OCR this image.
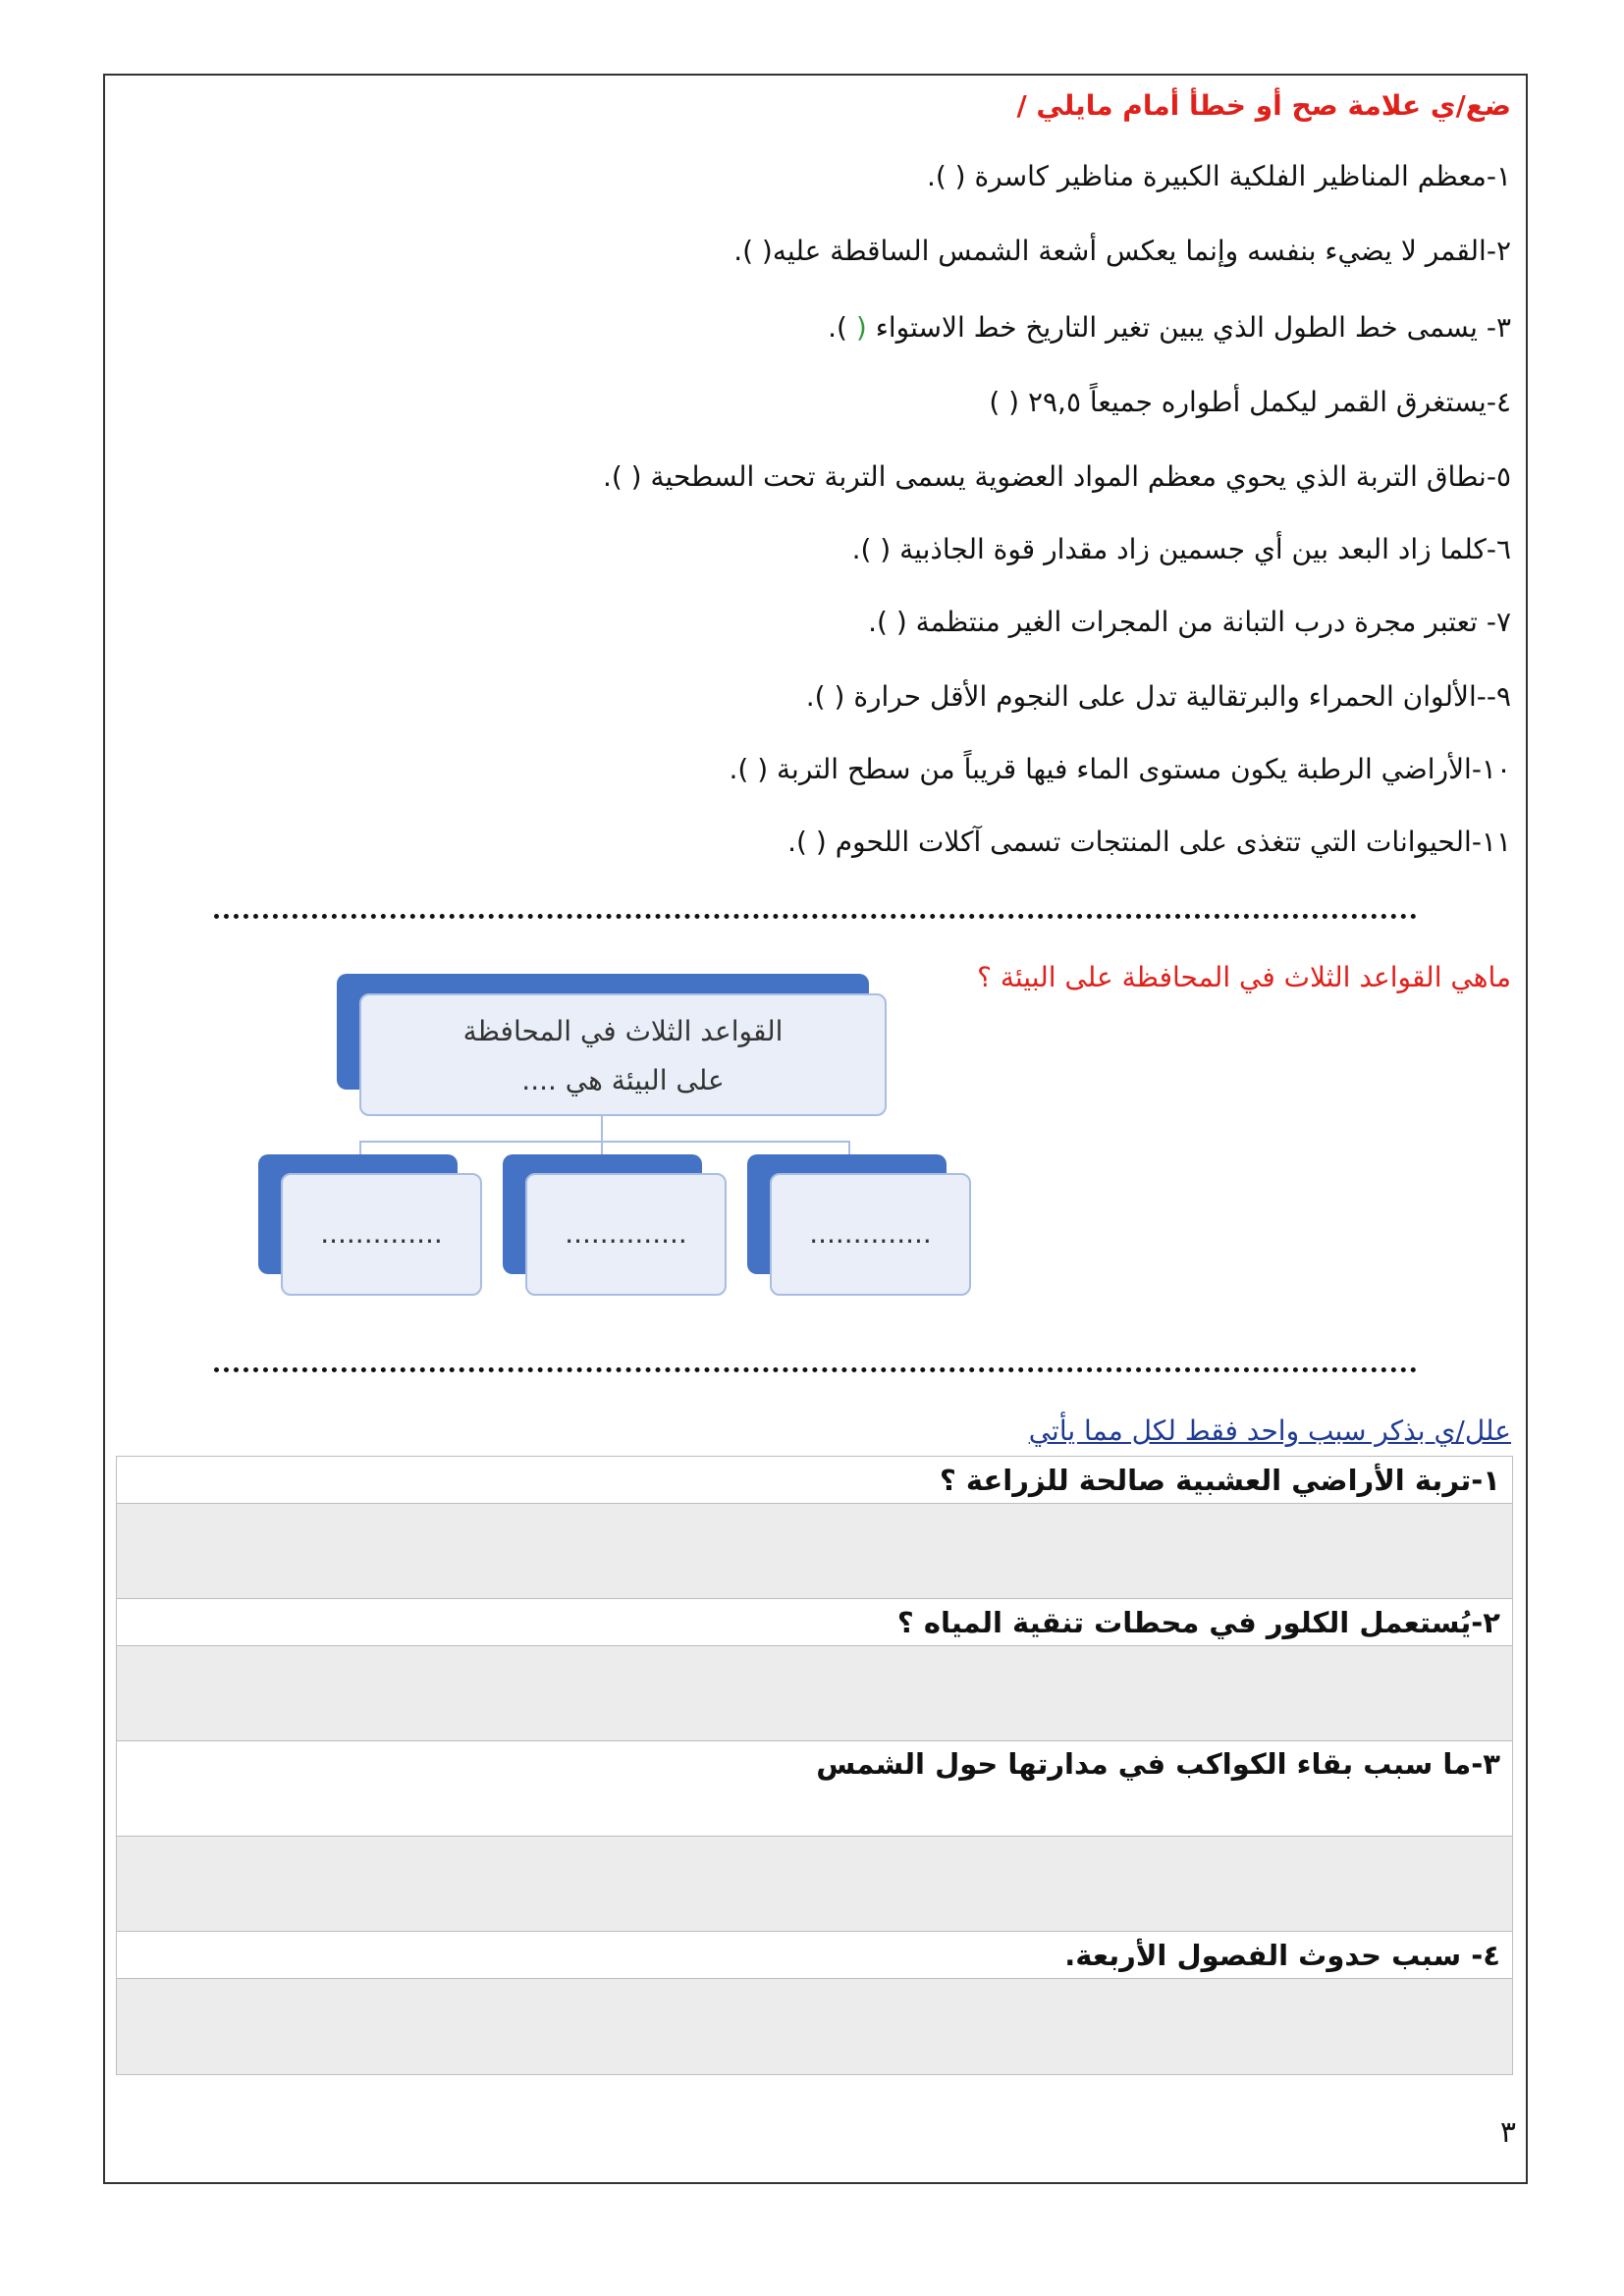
ضع/ي علامة صح أو خطأ أمام مايلي /
١-معظم المناظير الفلكية الكبيرة مناظير كاسرة ( ).
٢-القمر لا يضيء بنفسه وإنما يعكس أشعة الشمس الساقطة عليه( ).
٣- يسمى خط الطول الذي يبين تغير التاريخ خط الاستواء ( ).
٤-يستغرق القمر ليكمل أطواره جميعاً ٢٩,٥ ( )
٥-نطاق التربة الذي يحوي معظم المواد العضوية يسمى التربة تحت السطحية ( ).
٦-كلما زاد البعد بين أي جسمين زاد مقدار قوة الجاذبية ( ).
٧- تعتبر مجرة درب التبانة من المجرات الغير منتظمة ( ).
٩--الألوان الحمراء والبرتقالية تدل على النجوم الأقل حرارة ( ).
١٠-الأراضي الرطبة يكون مستوى الماء فيها قريباً من سطح التربة ( ).
١١-الحيوانات التي تتغذى على المنتجات تسمى آكلات اللحوم ( ).
ماهي القواعد الثلاث في المحافظة على البيئة ؟
القواعد الثلاث في المحافظة
على البيئة هي ....
..............	..............	..............
علل/ي بذكر سبب واحد فقط لكل مما يأتي
١-تربة الأراضي العشبية صالحة للزراعة ؟

٢-يُستعمل الكلور في محطات تنقية المياه ؟

٣-ما سبب بقاء الكواكب في مدارتها حول الشمس

٤- سبب حدوث الفصول الأربعة.

٣
